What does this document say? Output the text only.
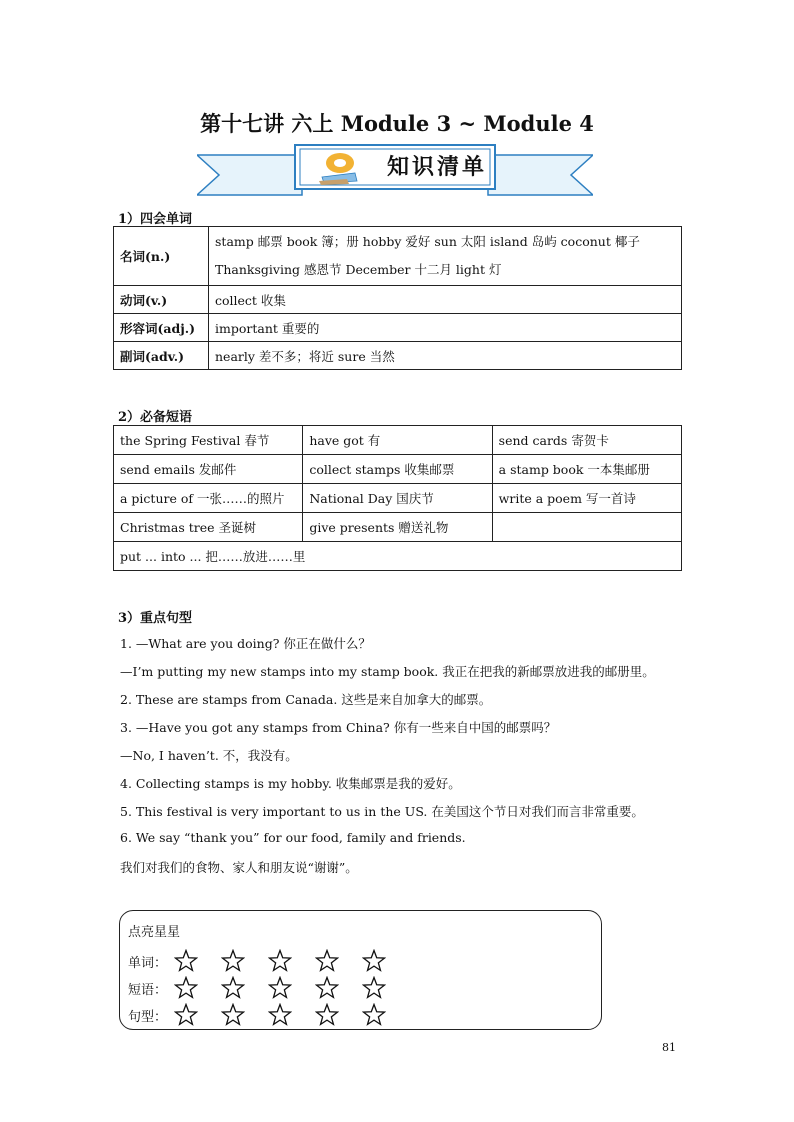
第十七讲 六上 Module 3 ~ Module 4
知识清单
1）四会单词
名词(n.)	stamp 邮票 book 簿；册 hobby 爱好 sun 太阳 island 岛屿 coconut 椰子
Thanksgiving 感恩节 December 十二月 light 灯

动词(v.)	collect 收集
形容词(adj.)	important 重要的
副词(adv.)	nearly 差不多；将近 sure 当然
2）必备短语
the Spring Festival 春节	have got 有	send cards 寄贺卡
send emails 发邮件	collect stamps 收集邮票	a stamp book 一本集邮册
a picture of 一张……的照片	National Day 国庆节	write a poem 写一首诗
Christmas tree 圣诞树	give presents 赠送礼物	
put ... into ... 把……放进……里		
3）重点句型
1. —What are you doing? 你正在做什么？
—I’m putting my new stamps into my stamp book. 我正在把我的新邮票放进我的邮册里。
2. These are stamps from Canada. 这些是来自加拿大的邮票。
3. —Have you got any stamps from China? 你有一些来自中国的邮票吗？
—No, I haven’t. 不，我没有。
4. Collecting stamps is my hobby. 收集邮票是我的爱好。
5. This festival is very important to us in the US. 在美国这个节日对我们而言非常重要。
6. We say “thank you” for our food, family and friends.
我们对我们的食物、家人和朋友说“谢谢”。
点亮星星
单词：
短语：
句型：
81
